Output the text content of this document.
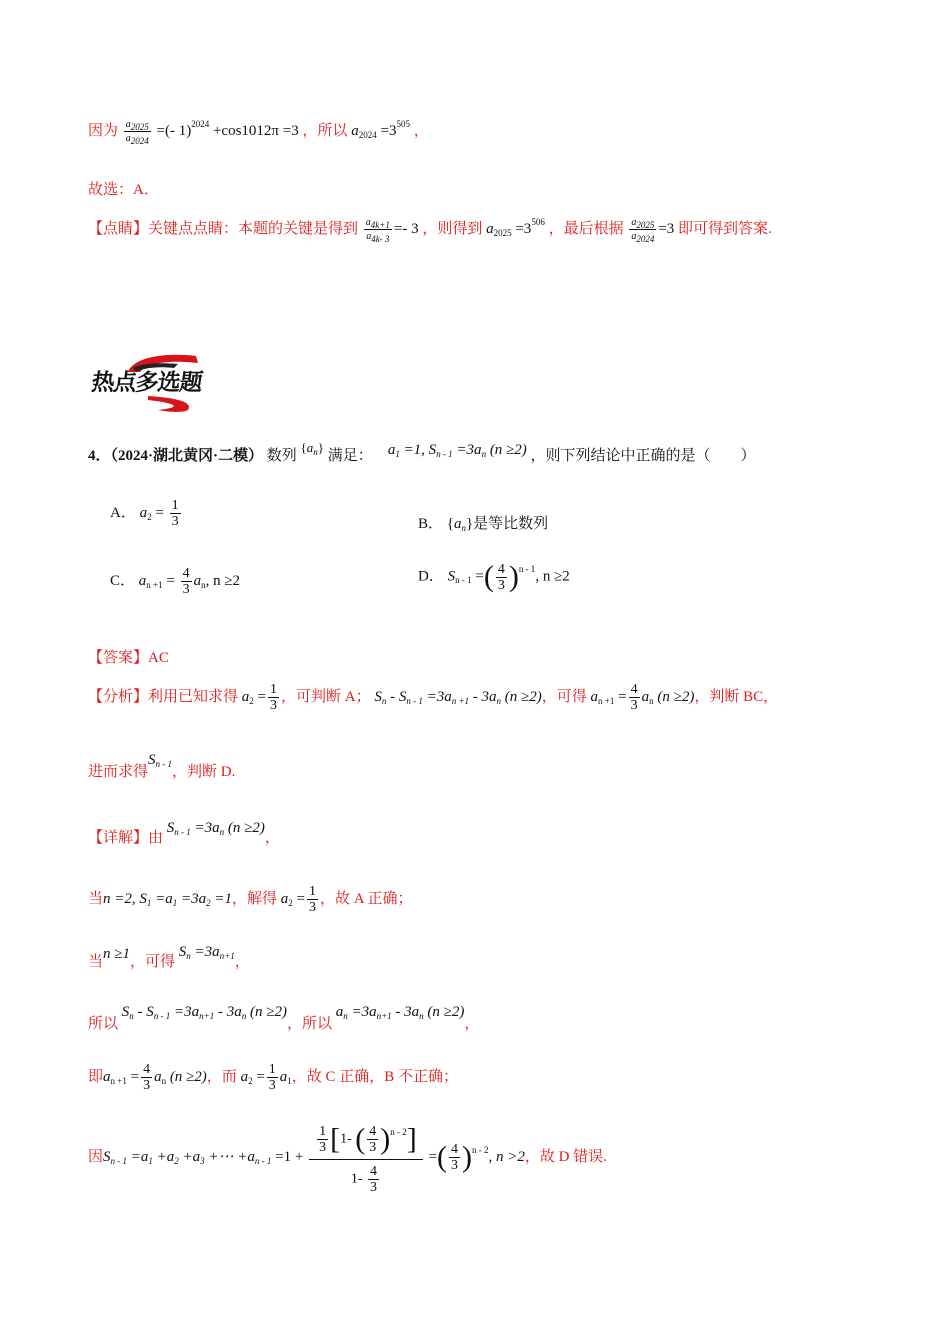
因为 $\frac{a2025}{a2024}$ =(- 1)$^{2024}$ +cos1012π =3 ，所以 $a_{2024} =3^{505}$ ，
故选：A．
【点睛】关键点点睛：本题的关键是得到 $\frac{a4k+1}{a4k- 3} =- 3$ ，则得到 $a_{2025} =3^{506}$ ，最后根据 $\frac{a2025}{a2024} =3$ 即可得到答案.
热点多选题
4．（2024·湖北黄冈·二模） 数列 $\{a_n\}$ 满足： $a_1 =1$, $S_{n - 1} =3a_n$ (n ≥2) ，则下列结论中正确的是（　　）
A． $a_2 = \frac{1}{3}$	B． $\{a_n\}$是等比数列
C． $a_{n +1} = \frac{4}{3} a_n$, n ≥2	D． $S_{n - 1}$ =( $\frac{4}{3} )^{n - 1}$, n ≥2
【答案】AC
【分析】利用已知求得 $a_2 = \frac{1}{3}$ ，可判断 A； $S_n - S_{n - 1} =3a_{n +1} - 3a_n$ (n ≥2)，可得 $a_{n +1} = \frac{4}{3} a_n$ (n ≥2)，判断 BC，
进而求得$S_{n - 1}$，判断 D.
【详解】由 $S_{n - 1} =3a_n$ (n ≥2)，
当n =2, $S_1 =a_1 =3a_2 =1$，解得 $a_2 = \frac{1}{3}$ ，故 A 正确；
当n ≥1，可得 $S_n =3a_{n+1}$，
所以 $S_n - S_{n - 1} =3a_{n+1} - 3a_n$ (n ≥2)，所以 $a_n =3a_{n+1} - 3a_n$ (n ≥2)，
即$a_{n +1} = \frac{4}{3} a_n$ (n ≥2)，而 $a_2 = \frac{1}{3} a_1$，故 C 正确，B 不正确；
因$S_{n - 1} =a_1 +a_2 +a_3$ +⋯ $+a_{n - 1} =1 + \frac{\frac{1}{3} [1- ( \frac{4}{3} )^{n - 2}]}{1- \frac{4}{3}}$ =( $\frac{4}{3} )^{n - 2}$, n >2，故 D 错误.
